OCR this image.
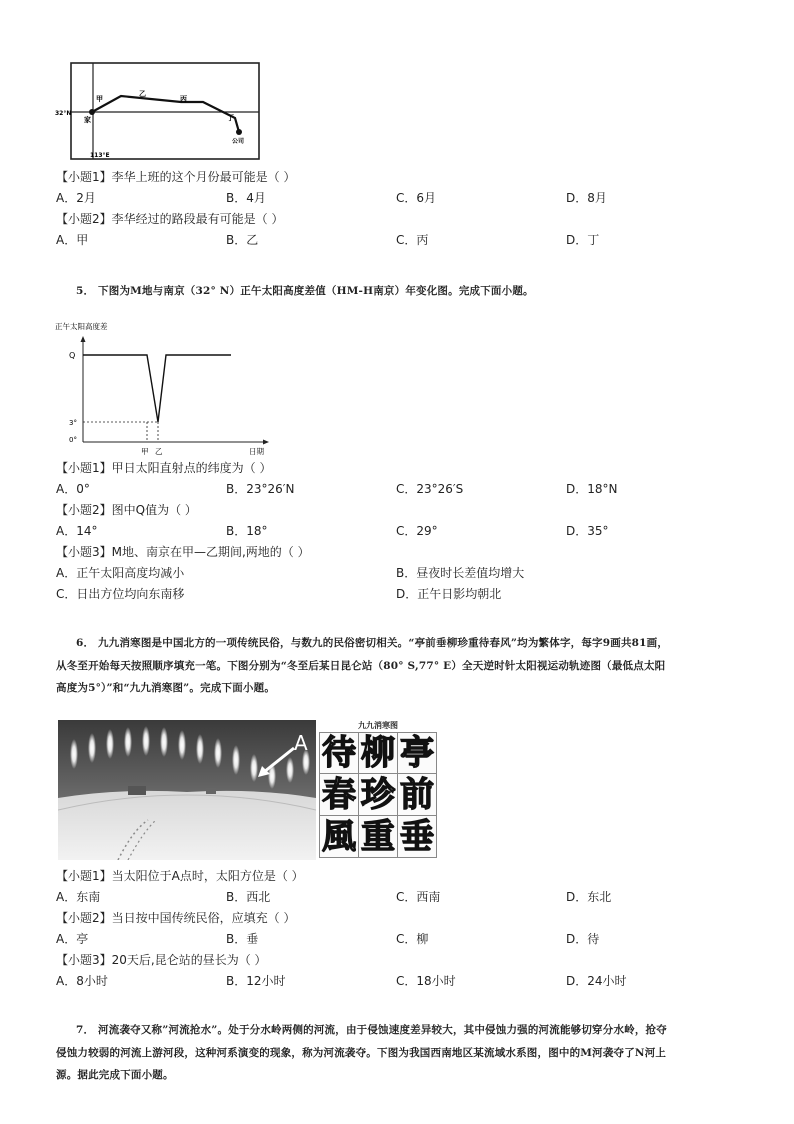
32°N
113°E
甲
乙
丙
丁
家
公司
【小题1】李华上班的这个月份最可能是（ ）
A．2月	B．4月	C．6月	D．8月
【小题2】李华经过的路段最有可能是（ ）
A．甲	B．乙	C．丙	D．丁
5． 下图为M地与南京（32° N）正午太阳高度差值（HM-H南京）年变化图。完成下面小题。
正午太阳高度差
Q
3°
0°
甲 乙	日期
【小题1】甲日太阳直射点的纬度为（ ）
A．0°	B．23°26′N	C．23°26′S	D．18°N
【小题2】图中Q值为（ ）
A．14°	B．18°	C．29°	D．35°
【小题3】M地、南京在甲—乙期间,两地的（ ）
A．正午太阳高度均减小	B．昼夜时长差值均增大
C．日出方位均向东南移	D．正午日影均朝北
6． 九九消寒图是中国北方的一项传统民俗，与数九的民俗密切相关。“亭前垂柳珍重待春风”均为繁体字，每字9画共81画，
从冬至开始每天按照顺序填充一笔。下图分别为“冬至后某日昆仑站（80° S,77° E）全天逆时针太阳视运动轨迹图（最低点太阳
高度为5°）”和“九九消寒图”。完成下面小题。
A
九九消寒图
待 柳 亭
春 珍 前
風 重 垂
【小题1】当太阳位于A点时，太阳方位是（ ）
A．东南	B．西北	C．西南	D．东北
【小题2】当日按中国传统民俗，应填充（ ）
A．亭	B．垂	C．柳	D．待
【小题3】20天后,昆仑站的昼长为（ ）
A．8小时	B．12小时	C．18小时	D．24小时
7． 河流袭夺又称”河流抢水”。处于分水岭两侧的河流，由于侵蚀速度差异较大，其中侵蚀力强的河流能够切穿分水岭，抢夺
侵蚀力较弱的河流上游河段，这种河系演变的现象，称为河流袭夺。下图为我国西南地区某流域水系图，图中的M河袭夺了N河上
源。据此完成下面小题。
